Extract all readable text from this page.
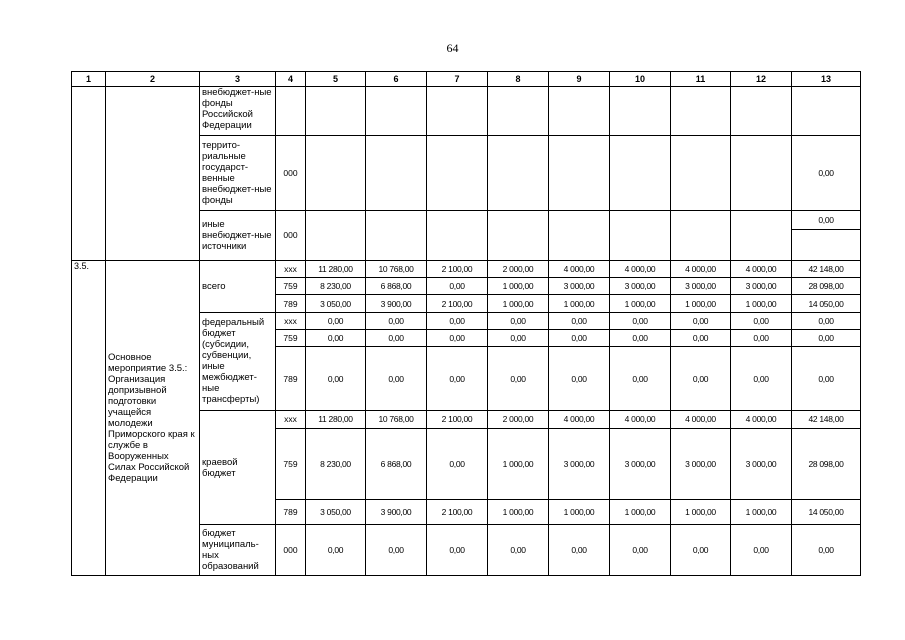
64
1	2	3	4	5	6	7	8	9	10	11	12	13
		внебюджет-ные фонды Российской Федерации										
		террито-риальные государст-венные внебюджет-ные фонды	000									0,00
		иные внебюджет-ные источники	000									0,00

3.5.	Основное мероприятие 3.5.: Организация допризывной подготовки учащейся молодежи Приморского края к службе в Вооруженных Силах Российской Федерации	всего	ххх	11 280,00	10 768,00	2 100,00	2 000,00	4 000,00	4 000,00	4 000,00	4 000,00	42 148,00
			759	8 230,00	6 868,00	0,00	1 000,00	3 000,00	3 000,00	3 000,00	3 000,00	28 098,00
			789	3 050,00	3 900,00	2 100,00	1 000,00	1 000,00	1 000,00	1 000,00	1 000,00	14 050,00
		федеральный бюджет (субсидии, субвенции, иные межбюджет-ные трансферты)	ххх	0,00	0,00	0,00	0,00	0,00	0,00	0,00	0,00	0,00
			759	0,00	0,00	0,00	0,00	0,00	0,00	0,00	0,00	0,00
			789	0,00	0,00	0,00	0,00	0,00	0,00	0,00	0,00	0,00
		краевой бюджет	ххх	11 280,00	10 768,00	2 100,00	2 000,00	4 000,00	4 000,00	4 000,00	4 000,00	42 148,00
			759	8 230,00	6 868,00	0,00	1 000,00	3 000,00	3 000,00	3 000,00	3 000,00	28 098,00
			789	3 050,00	3 900,00	2 100,00	1 000,00	1 000,00	1 000,00	1 000,00	1 000,00	14 050,00
		бюджет муниципаль-ных образований	000	0,00	0,00	0,00	0,00	0,00	0,00	0,00	0,00	0,00
